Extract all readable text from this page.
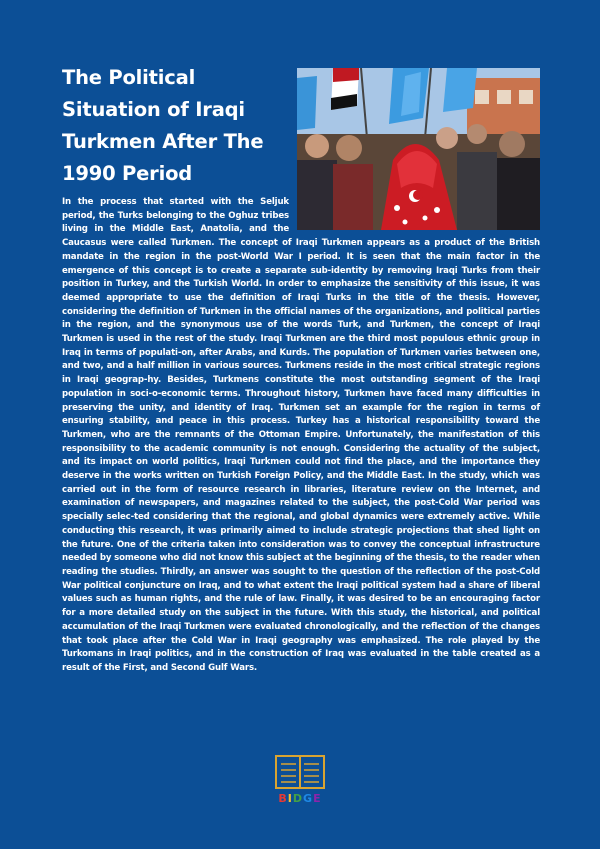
The Political Situation of Iraqi Turkmen After The 1990 Period

In the process that started with the Seljuk period, the Turks belonging to the Oghuz tribes living in the Middle East, Anatolia, and the Caucasus were called Turkmen. The concept of Iraqi Turkmen appears as a product of the British mandate in the region in the post-World War I period. It is seen that the main factor in the emergence of this concept is to create a separate sub-identity by removing Iraqi Turks from their position in Turkey, and the Turkish World. In order to emphasize the sensitivity of this issue, it was deemed appropriate to use the definition of Iraqi Turks in the title of the thesis. However, considering the definition of Turkmen in the official names of the organizations, and political parties in the region, and the synonymous use of the words Turk, and Turkmen, the concept of Iraqi Turkmen is used in the rest of the study. Iraqi Turkmen are the third most populous ethnic group in Iraq in terms of populati-on, after Arabs, and Kurds. The population of Turkmen varies between one, and two, and a half million in various sources. Turkmens reside in the most critical strategic regions in Iraqi geograp-hy. Besides, Turkmens constitute the most outstanding segment of the Iraqi population in soci-o-economic terms. Throughout history, Turkmen have faced many difficulties in preserving the unity, and identity of Iraq. Turkmen set an example for the region in terms of ensuring stability, and peace in this process. Turkey has a historical responsibility toward the Turkmen, who are the remnants of the Ottoman Empire. Unfortunately, the manifestation of this responsibility to the academic community is not enough. Considering the actuality of the subject, and its impact on world politics, Iraqi Turkmen could not find the place, and the importance they deserve in the works written on Turkish Foreign Policy, and the Middle East. In the study, which was carried out in the form of resource research in libraries, literature review on the Internet, and examination of newspapers, and magazines related to the subject, the post-Cold War period was specially selec-ted considering that the regional, and global dynamics were extremely active. While conducting this research, it was primarily aimed to include strategic projections that shed light on the future. One of the criteria taken into consideration was to convey the conceptual infrastructure needed by someone who did not know this subject at the beginning of the thesis, to the reader when reading the studies. Thirdly, an answer was sought to the question of the reflection of the post-Cold War political conjuncture on Iraq, and to what extent the Iraqi political system had a share of liberal values such as human rights, and the rule of law. Finally, it was desired to be an encouraging factor for a more detailed study on the subject in the future. With this study, the historical, and political accumulation of the Iraqi Turkmen were evaluated chronologically, and the reflection of the changes that took place after the Cold War in Iraqi geography was emphasized. The role played by the Turkomans in Iraqi politics, and in the construction of Iraq was evaluated in the table created as a result of the First, and Second Gulf Wars.

BIDGE
